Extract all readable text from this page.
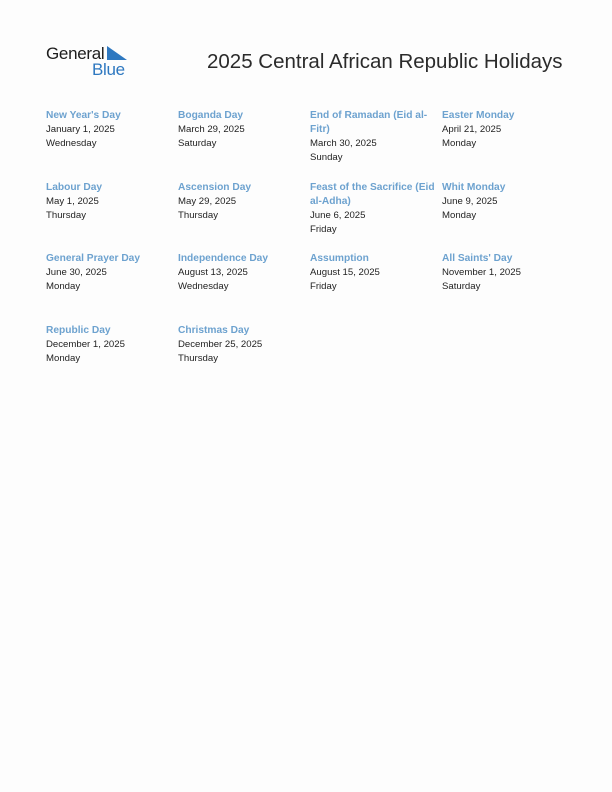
General
Blue	2025 Central African Republic Holidays
New Year's Day
January 1, 2025
Wednesday
Boganda Day
March 29, 2025
Saturday
End of Ramadan (Eid al-Fitr)
March 30, 2025
Sunday
Easter Monday
April 21, 2025
Monday
Labour Day
May 1, 2025
Thursday
Ascension Day
May 29, 2025
Thursday
Feast of the Sacrifice (Eid al-Adha)
June 6, 2025
Friday
Whit Monday
June 9, 2025
Monday
General Prayer Day
June 30, 2025
Monday
Independence Day
August 13, 2025
Wednesday
Assumption
August 15, 2025
Friday
All Saints' Day
November 1, 2025
Saturday
Republic Day
December 1, 2025
Monday
Christmas Day
December 25, 2025
Thursday
